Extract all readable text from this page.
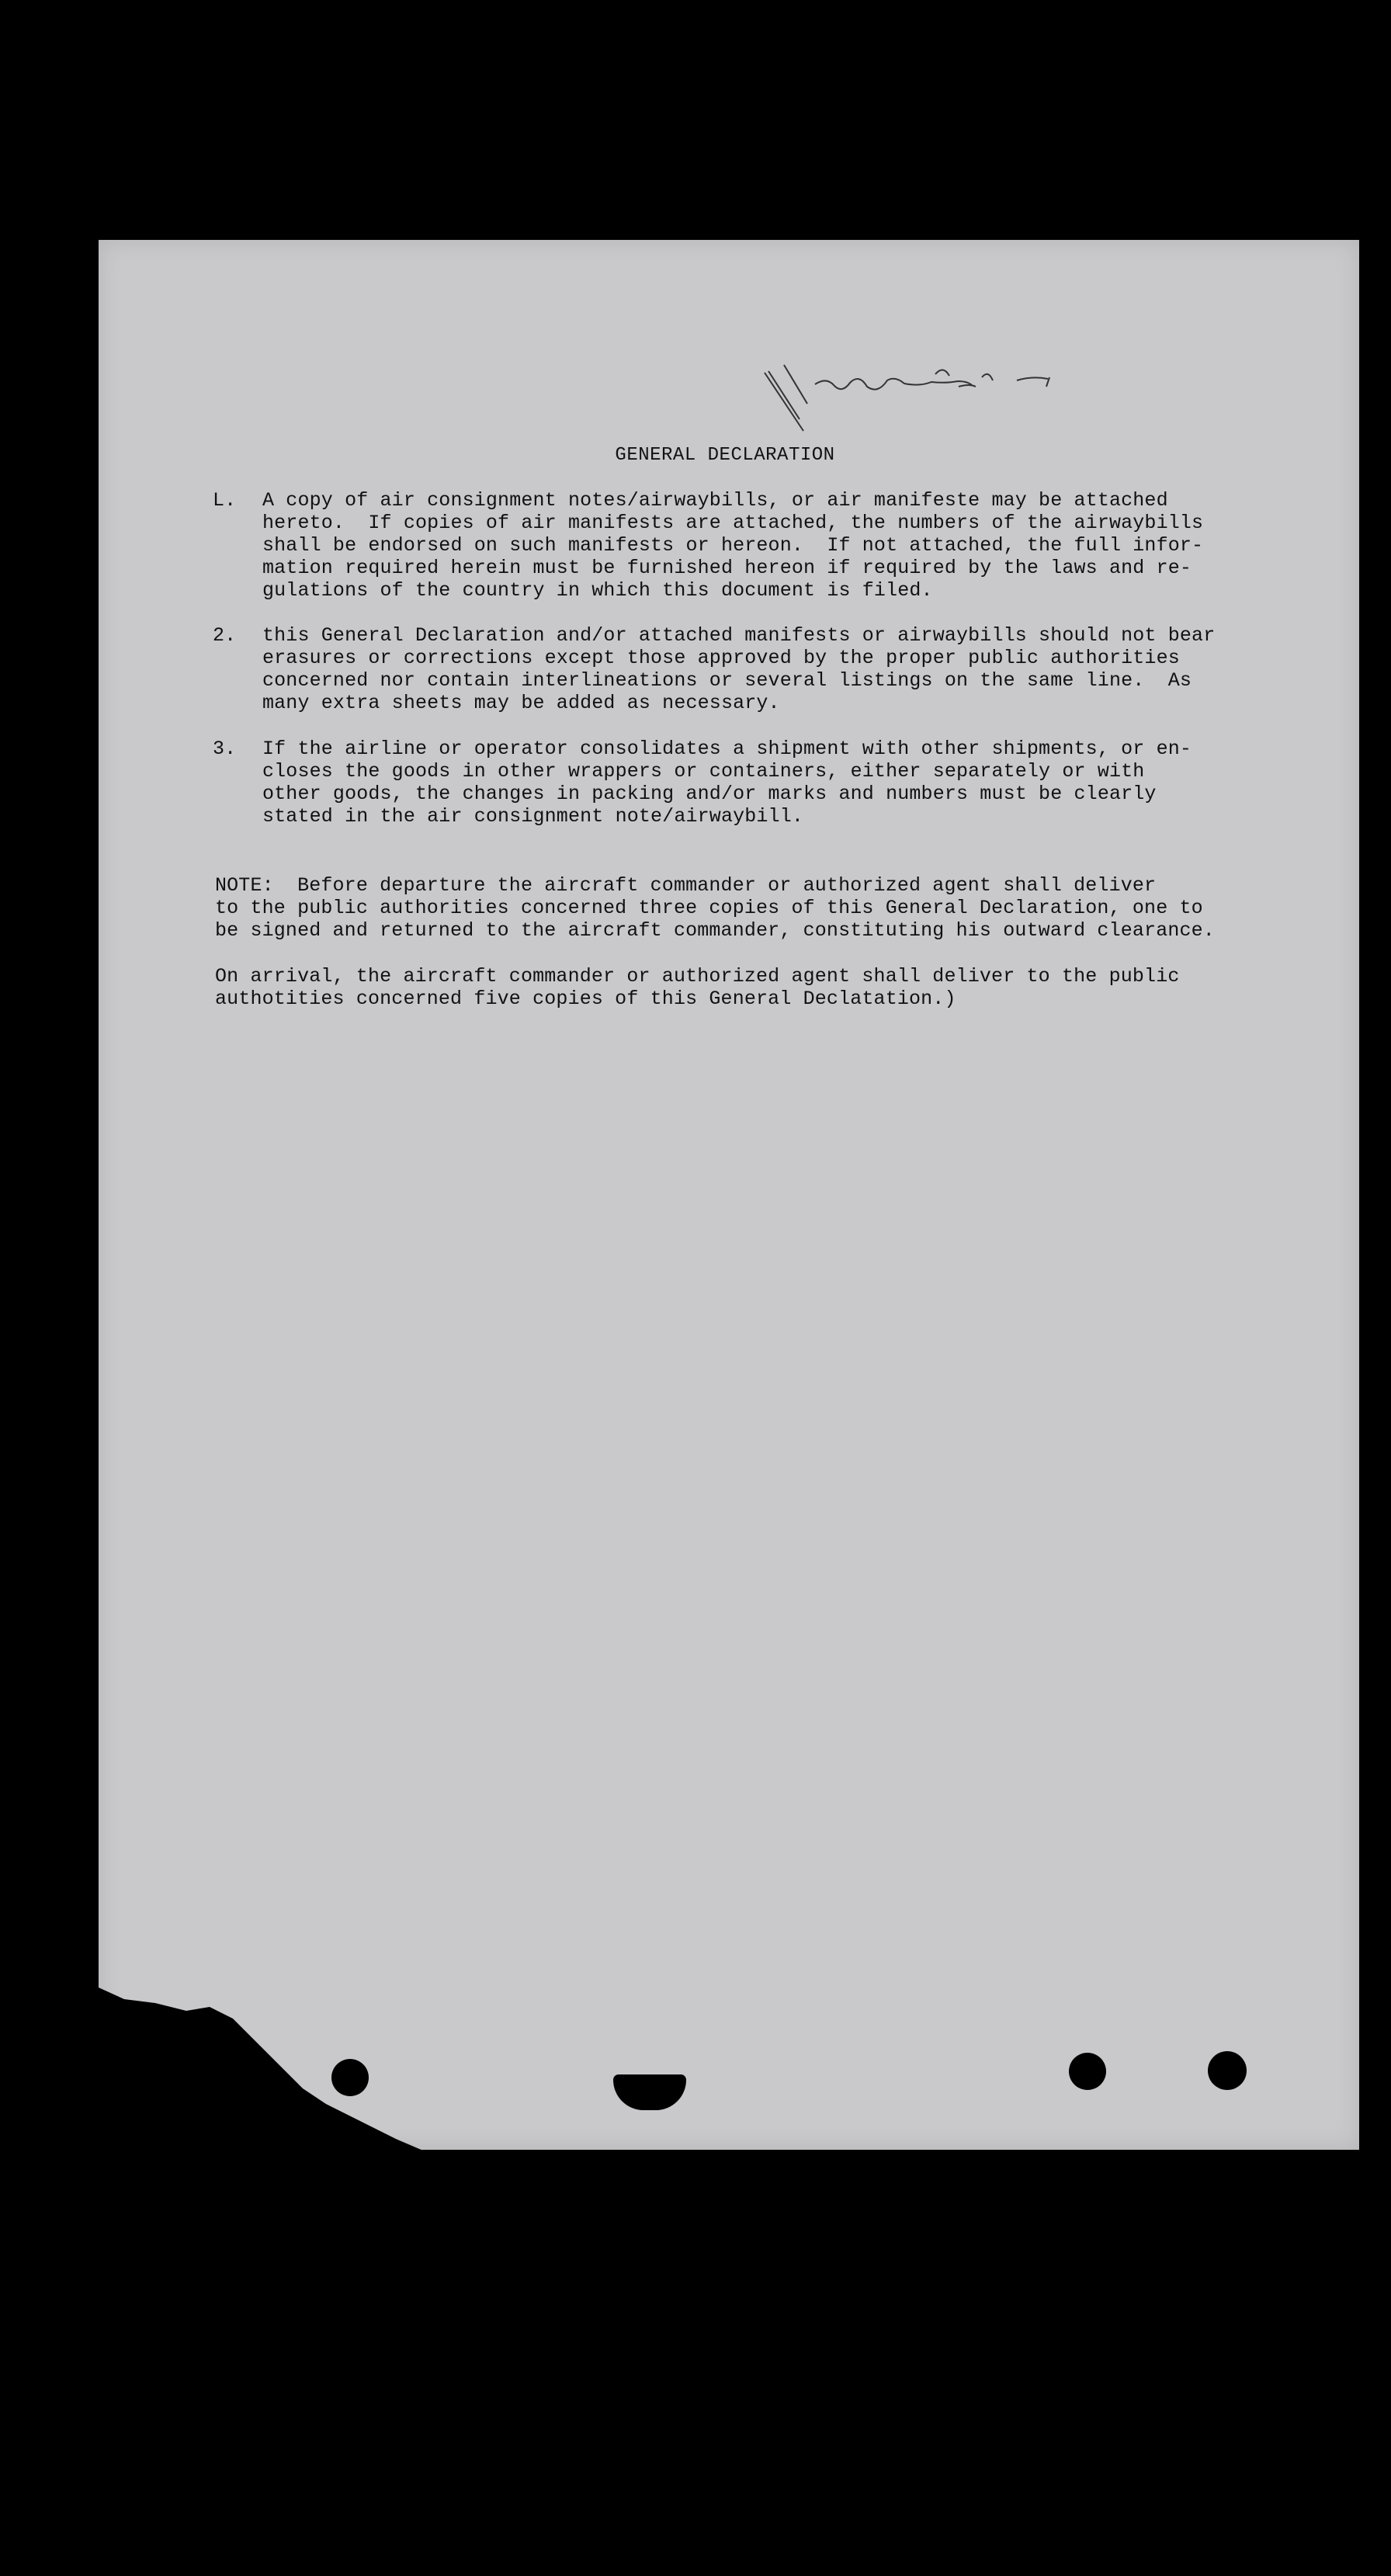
GENERAL DECLARATION
L. A copy of air consignment notes/airwaybills, or air manifeste may be attached
hereto.  If copies of air manifests are attached, the numbers of the airwaybills
shall be endorsed on such manifests or hereon.  If not attached, the full infor-
mation required herein must be furnished hereon if required by the laws and re-
gulations of the country in which this document is filed.
2. this General Declaration and/or attached manifests or airwaybills should not bear
erasures or corrections except those approved by the proper public authorities
concerned nor contain interlineations or several listings on the same line.  As
many extra sheets may be added as necessary.
3. If the airline or operator consolidates a shipment with other shipments, or en-
closes the goods in other wrappers or containers, either separately or with
other goods, the changes in packing and/or marks and numbers must be clearly
stated in the air consignment note/airwaybill.
NOTE:  Before departure the aircraft commander or authorized agent shall deliver
to the public authorities concerned three copies of this General Declaration, one to
be signed and returned to the aircraft commander, constituting his outward clearance.
On arrival, the aircraft commander or authorized agent shall deliver to the public
authotities concerned five copies of this General Declatation.)
